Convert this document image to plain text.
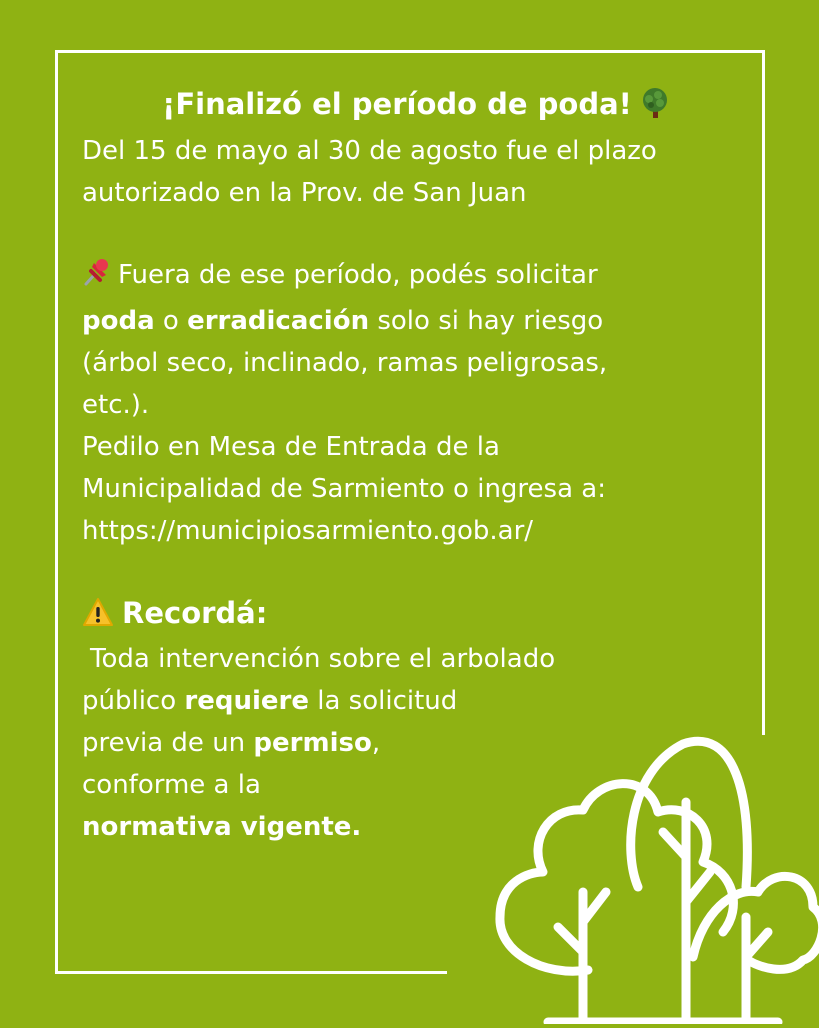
¡Finalizó el período de poda!

Del 15 de mayo al 30 de agosto fue el plazo

autorizado en la Prov. de San Juan

Fuera de ese período, podés solicitar

poda o erradicación solo si hay riesgo

(árbol seco, inclinado, ramas peligrosas,

etc.).

Pedilo en Mesa de Entrada de la

Municipalidad de Sarmiento o ingresa a:

https://municipiosarmiento.gob.ar/

Recordá:

Toda intervención sobre el arbolado

público requiere la solicitud

previa de un permiso,

conforme a la

normativa vigente.
